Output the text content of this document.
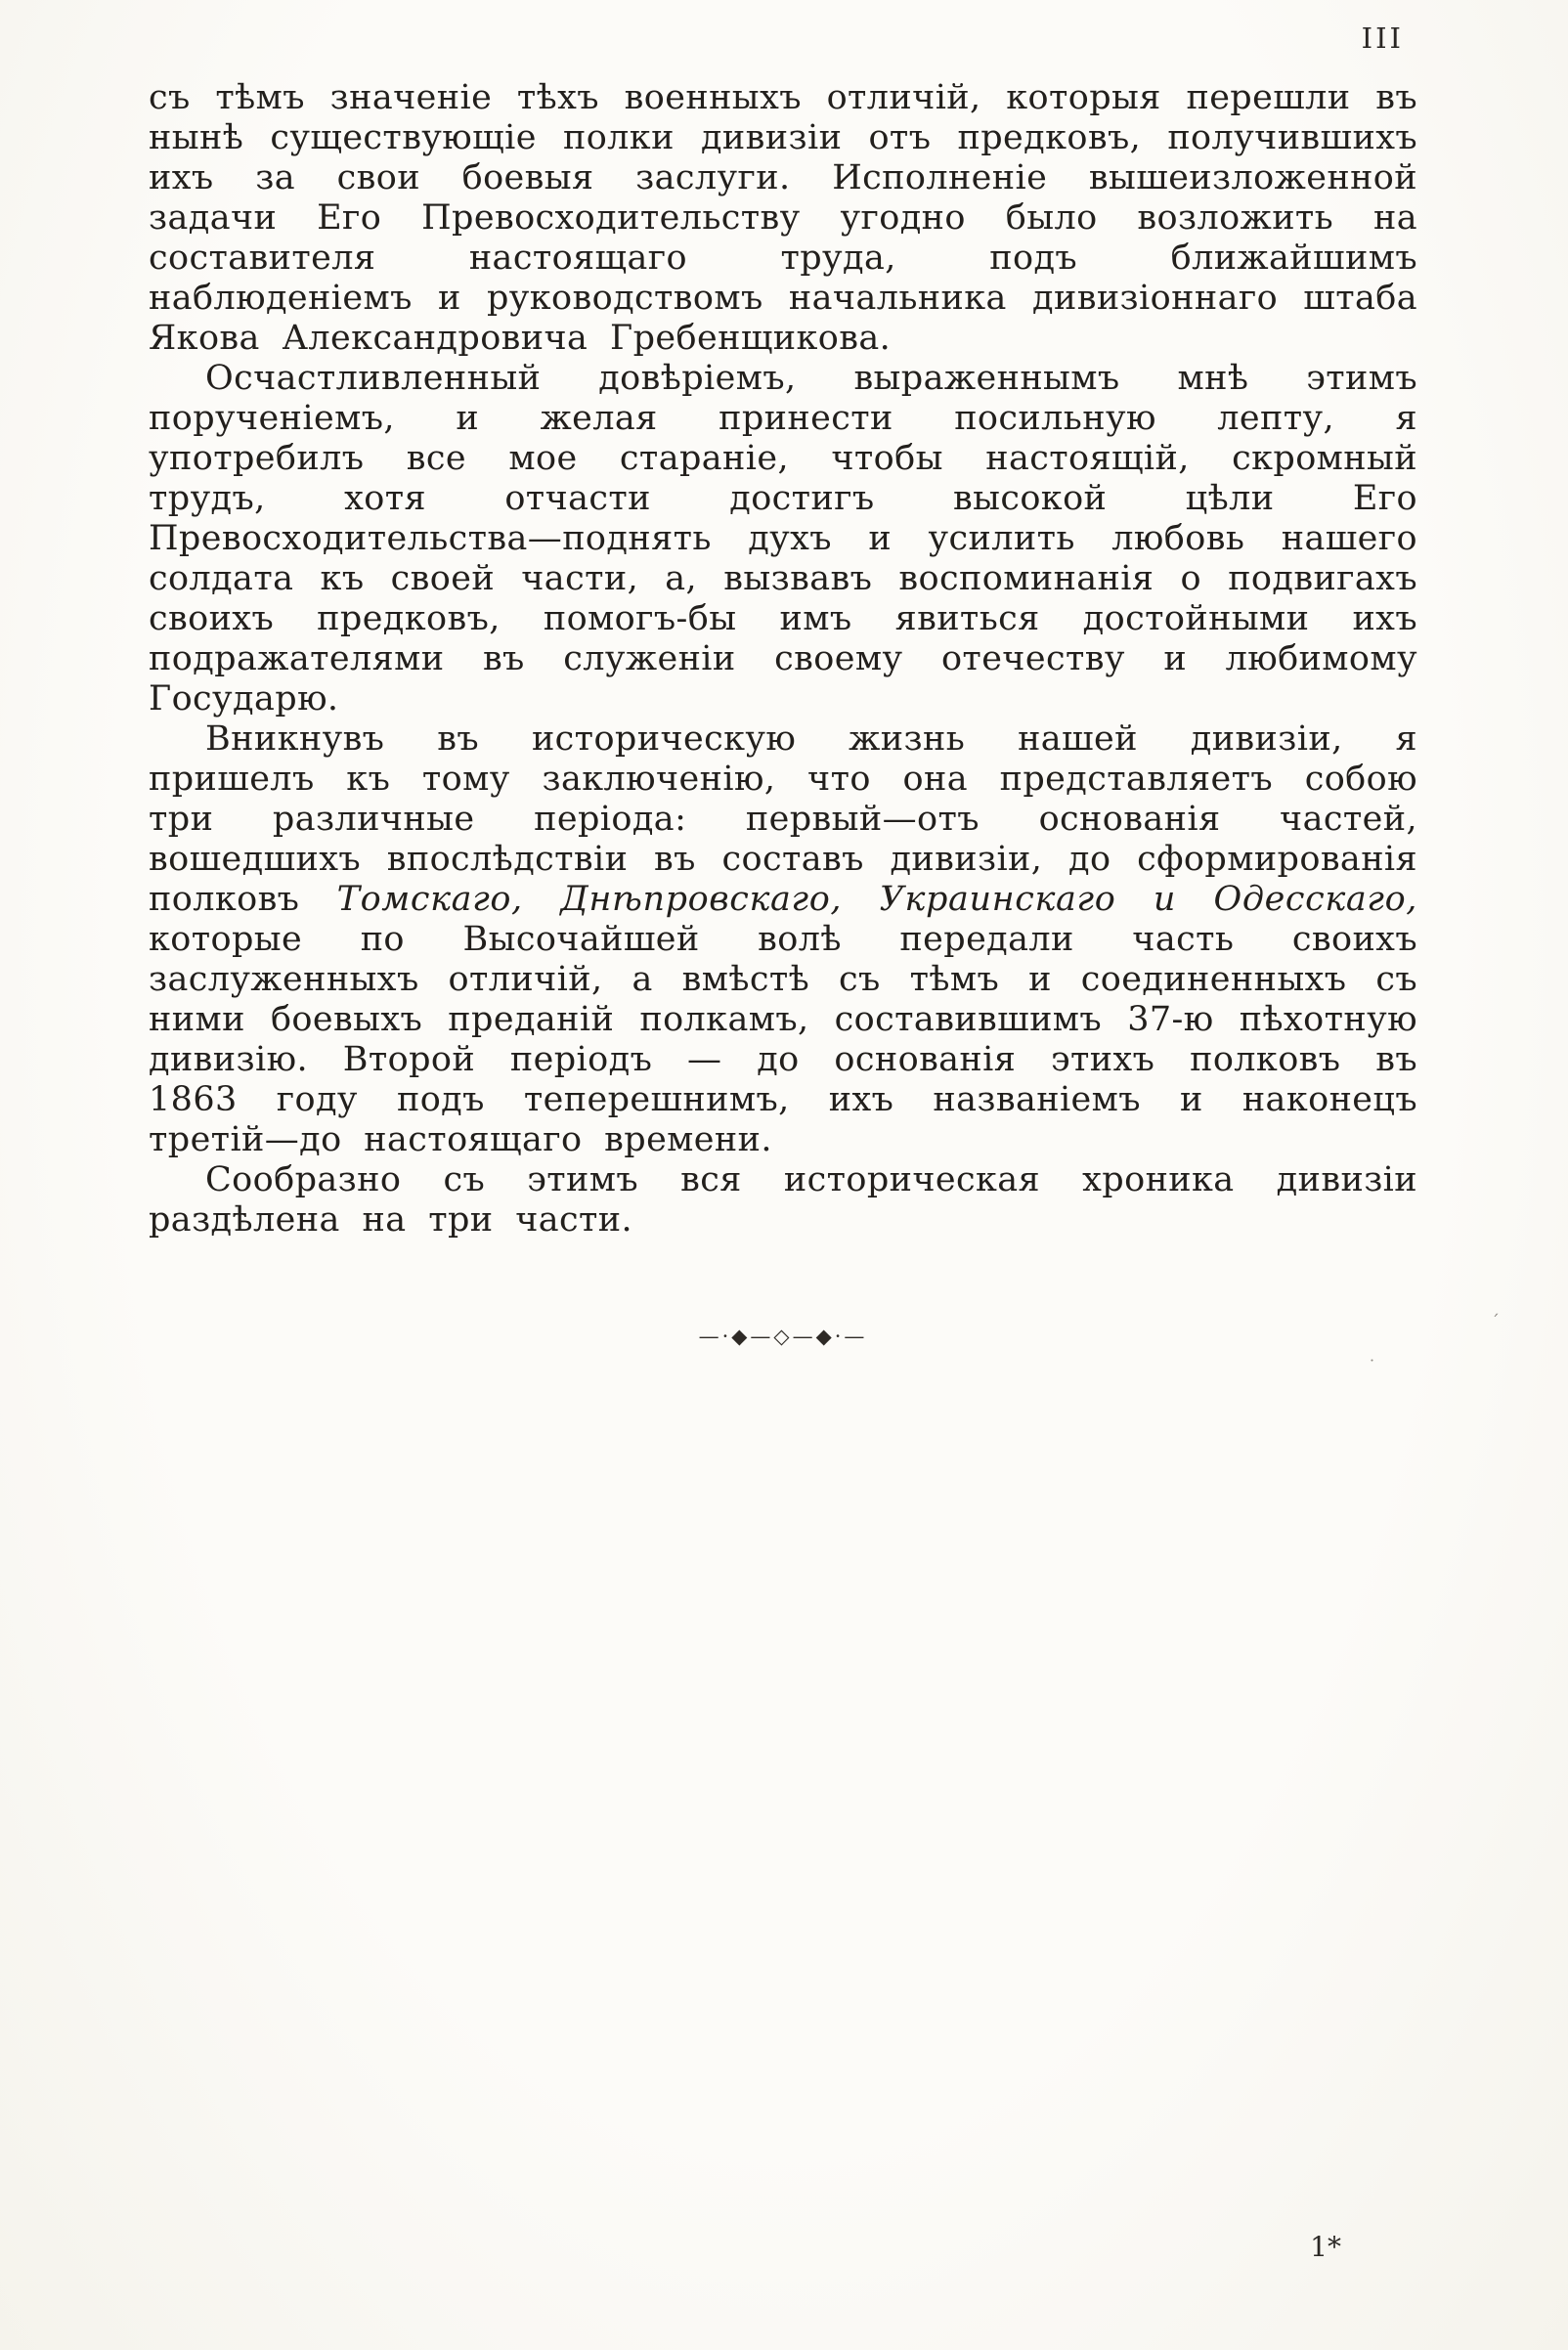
III

съ тѣмъ значеніе тѣхъ военныхъ отличій, которыя перешли въ нынѣ существующіе полки дивизіи отъ предковъ, получившихъ ихъ за свои боевыя заслуги. Исполненіе вышеизложенной задачи Его Превосходительству угодно было возложить на составителя настоящаго труда, подъ ближайшимъ наблюденіемъ и руководствомъ начальника дивизіоннаго штаба Якова Александровича Гребенщикова.

Осчастливленный довѣріемъ, выраженнымъ мнѣ этимъ порученіемъ, и желая принести посильную лепту, я употребилъ все мое стараніе, чтобы настоящій, скромный трудъ, хотя отчасти достигъ высокой цѣли Его Превосходительства—поднять духъ и усилить любовь нашего солдата къ своей части, а, вызвавъ воспоминанія о подвигахъ своихъ предковъ, помогъ-бы имъ явиться достойными ихъ подражателями въ служеніи своему отечеству и любимому Государю.

Вникнувъ въ историческую жизнь нашей дивизіи, я пришелъ къ тому заключенію, что она представляетъ собою три различные періода: первый—отъ основанія частей, вошедшихъ впослѣдствіи въ составъ дивизіи, до сформированія полковъ Томскаго, Днѣпровскаго, Украинскаго и Одесскаго, которые по Высочайшей волѣ передали часть своихъ заслуженныхъ отличій, а вмѣстѣ съ тѣмъ и соединенныхъ съ ними боевыхъ преданій полкамъ, составившимъ 37-ю пѣхотную дивизію. Второй періодъ — до основанія этихъ полковъ въ 1863 году подъ теперешнимъ, ихъ названіемъ и наконецъ третій—до настоящаго времени.

Сообразно съ этимъ вся историческая хроника дивизіи раздѣлена на три части.

—·◆—◇—◆·—
´
˙
1*
